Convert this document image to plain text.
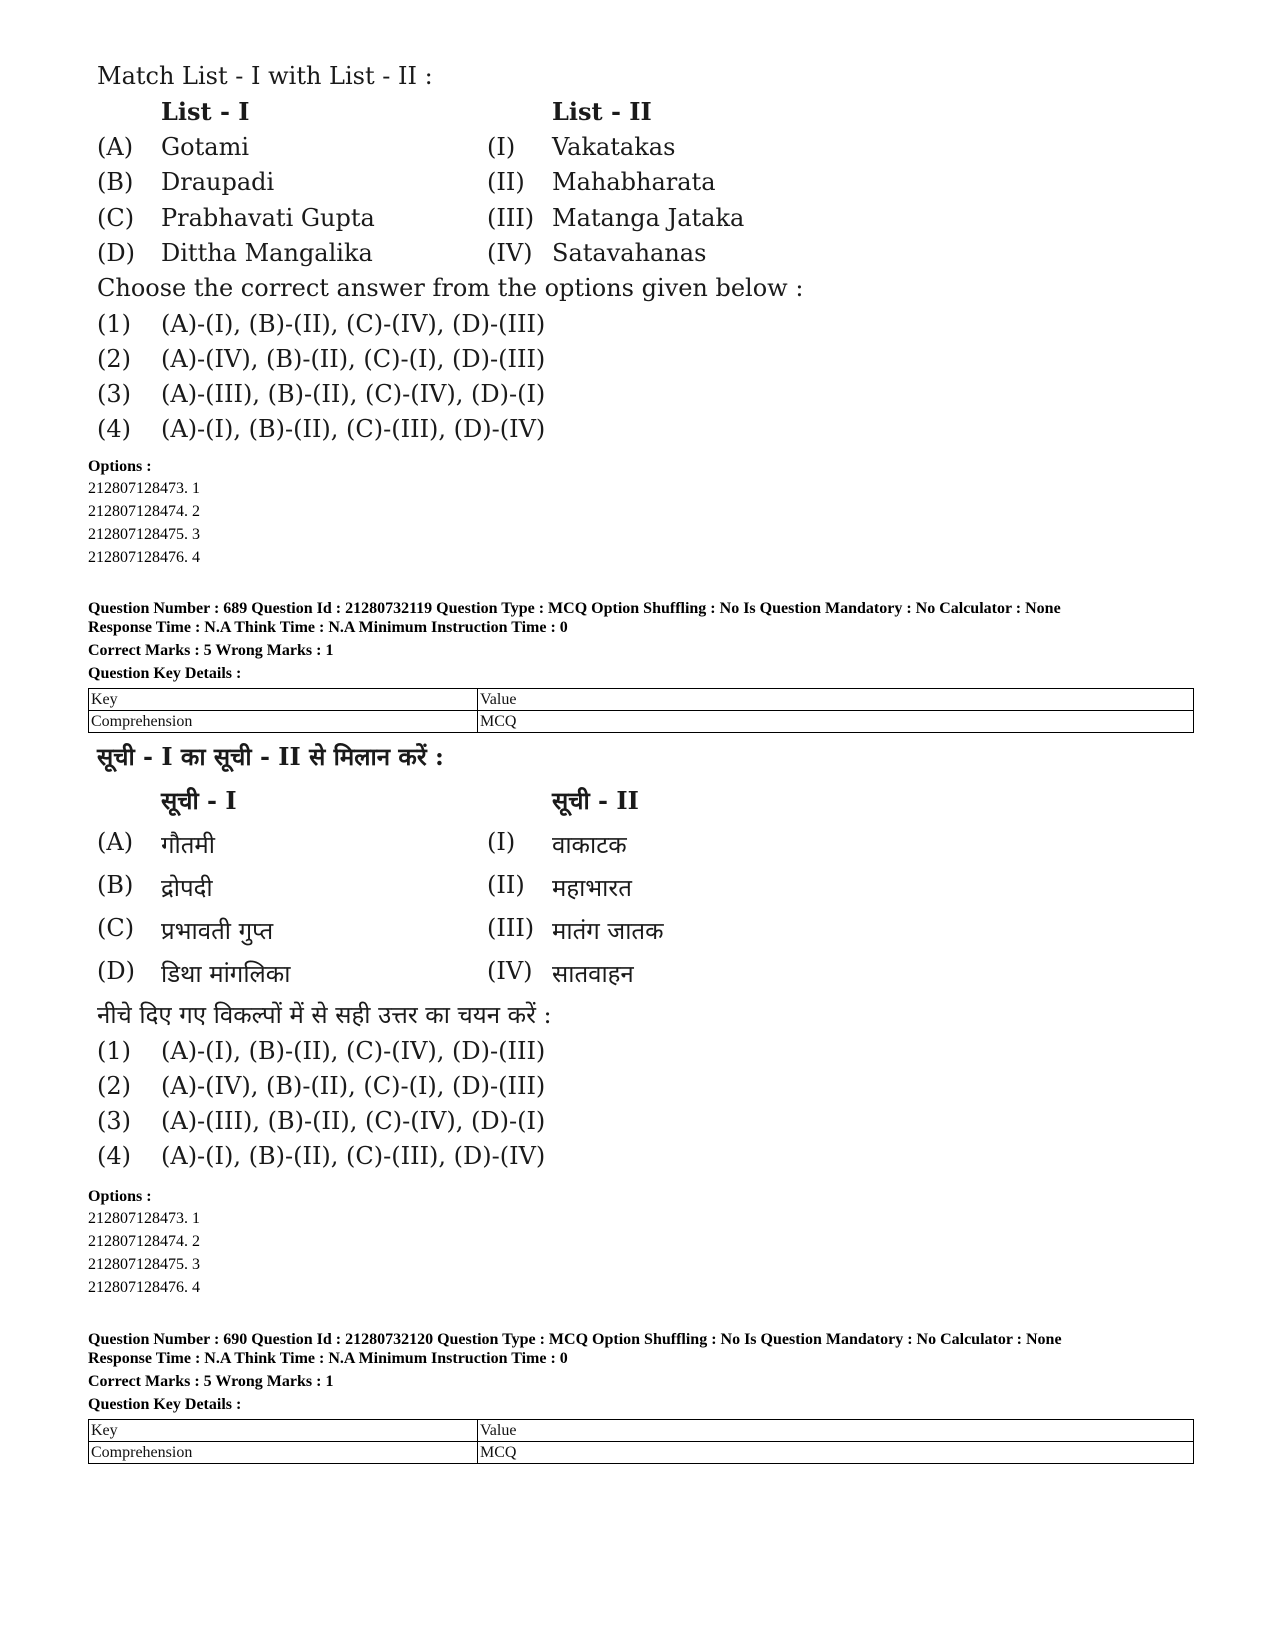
Match List - I with List - II :
List - I	List - II
(A) Gotami	(I) Vakatakas
(B) Draupadi	(II) Mahabharata
(C) Prabhavati Gupta	(III) Matanga Jataka
(D) Dittha Mangalika	(IV) Satavahanas
Choose the correct answer from the options given below :
(1) (A)-(I), (B)-(II), (C)-(IV), (D)-(III)
(2) (A)-(IV), (B)-(II), (C)-(I), (D)-(III)
(3) (A)-(III), (B)-(II), (C)-(IV), (D)-(I)
(4) (A)-(I), (B)-(II), (C)-(III), (D)-(IV)
Options :
212807128473. 1
212807128474. 2
212807128475. 3
212807128476. 4
Question Number : 689 Question Id : 21280732119 Question Type : MCQ Option Shuffling : No Is Question Mandatory : No Calculator : None
Response Time : N.A Think Time : N.A Minimum Instruction Time : 0
Correct Marks : 5 Wrong Marks : 1
Question Key Details :
Key	Value
Comprehension	MCQ
सूची - I का सूची - II से मिलान करें :
सूची - I	सूची - II
(A) गौतमी	(I) वाकाटक
(B) द्रोपदी	(II) महाभारत
(C) प्रभावती गुप्त	(III) मातंग जातक
(D) डिथा मांगलिका	(IV) सातवाहन
नीचे दिए गए विकल्पों में से सही उत्तर का चयन करें :
(1) (A)-(I), (B)-(II), (C)-(IV), (D)-(III)
(2) (A)-(IV), (B)-(II), (C)-(I), (D)-(III)
(3) (A)-(III), (B)-(II), (C)-(IV), (D)-(I)
(4) (A)-(I), (B)-(II), (C)-(III), (D)-(IV)
Options :
212807128473. 1
212807128474. 2
212807128475. 3
212807128476. 4
Question Number : 690 Question Id : 21280732120 Question Type : MCQ Option Shuffling : No Is Question Mandatory : No Calculator : None
Response Time : N.A Think Time : N.A Minimum Instruction Time : 0
Correct Marks : 5 Wrong Marks : 1
Question Key Details :
Key	Value
Comprehension	MCQ
